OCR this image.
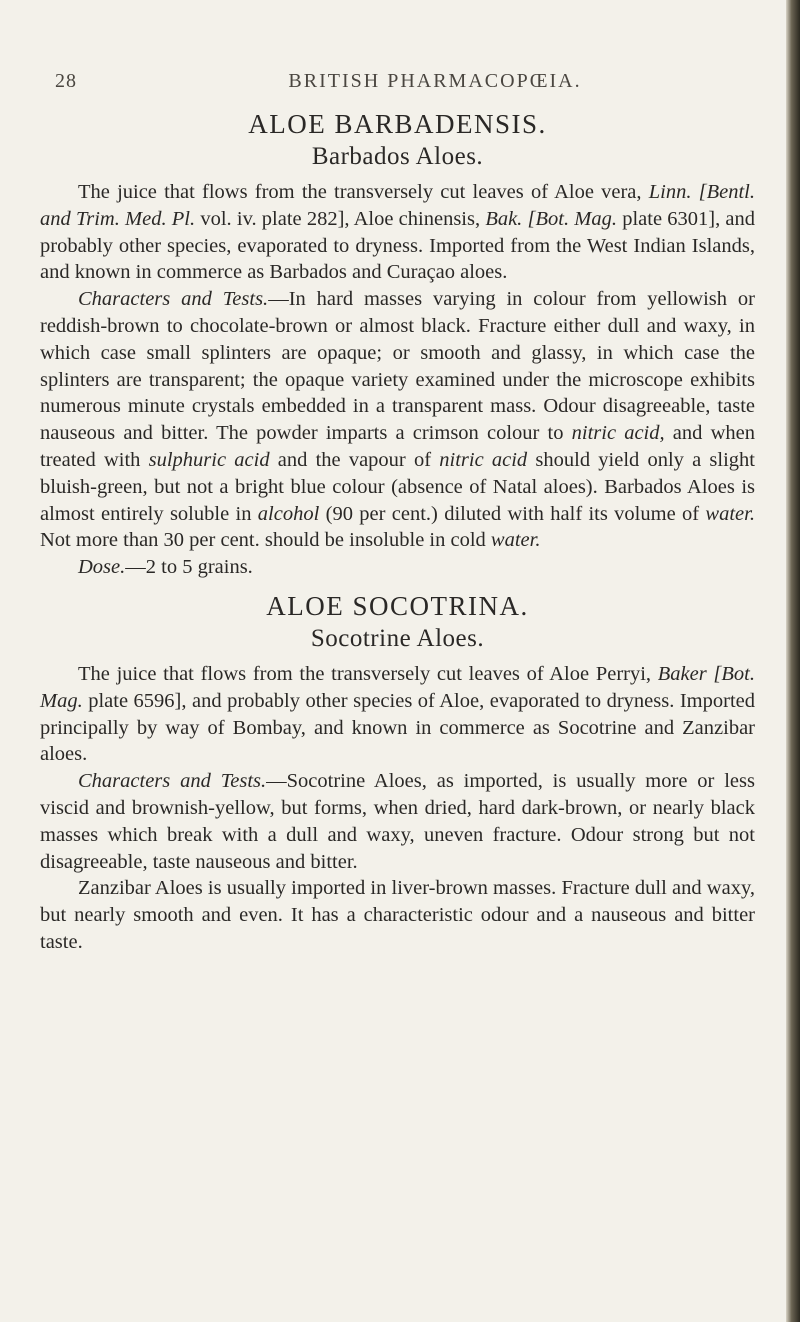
28	BRITISH PHARMACOPŒIA.
ALOE BARBADENSIS.
Barbados Aloes.

The juice that flows from the transversely cut leaves of Aloe vera, Linn. [Bentl. and Trim. Med. Pl. vol. iv. plate 282], Aloe chinensis, Bak. [Bot. Mag. plate 6301], and probably other species, evaporated to dryness. Imported from the West Indian Islands, and known in commerce as Barbados and Curaçao aloes.

Characters and Tests.—In hard masses varying in colour from yellowish or reddish-brown to chocolate-brown or almost black. Fracture either dull and waxy, in which case small splinters are opaque; or smooth and glassy, in which case the splinters are transparent; the opaque variety examined under the microscope exhibits numerous minute crystals embedded in a transparent mass. Odour disagreeable, taste nauseous and bitter. The powder imparts a crimson colour to nitric acid, and when treated with sulphuric acid and the vapour of nitric acid should yield only a slight bluish-green, but not a bright blue colour (absence of Natal aloes). Barbados Aloes is almost entirely soluble in alcohol (90 per cent.) diluted with half its volume of water. Not more than 30 per cent. should be insoluble in cold water.

Dose.—2 to 5 grains.

ALOE SOCOTRINA.
Socotrine Aloes.

The juice that flows from the transversely cut leaves of Aloe Perryi, Baker [Bot. Mag. plate 6596], and probably other species of Aloe, evaporated to dryness. Imported principally by way of Bombay, and known in commerce as Socotrine and Zanzibar aloes.

Characters and Tests.—Socotrine Aloes, as imported, is usually more or less viscid and brownish-yellow, but forms, when dried, hard dark-brown, or nearly black masses which break with a dull and waxy, uneven fracture. Odour strong but not disagreeable, taste nauseous and bitter.

Zanzibar Aloes is usually imported in liver-brown masses. Fracture dull and waxy, but nearly smooth and even. It has a characteristic odour and a nauseous and bitter taste.
